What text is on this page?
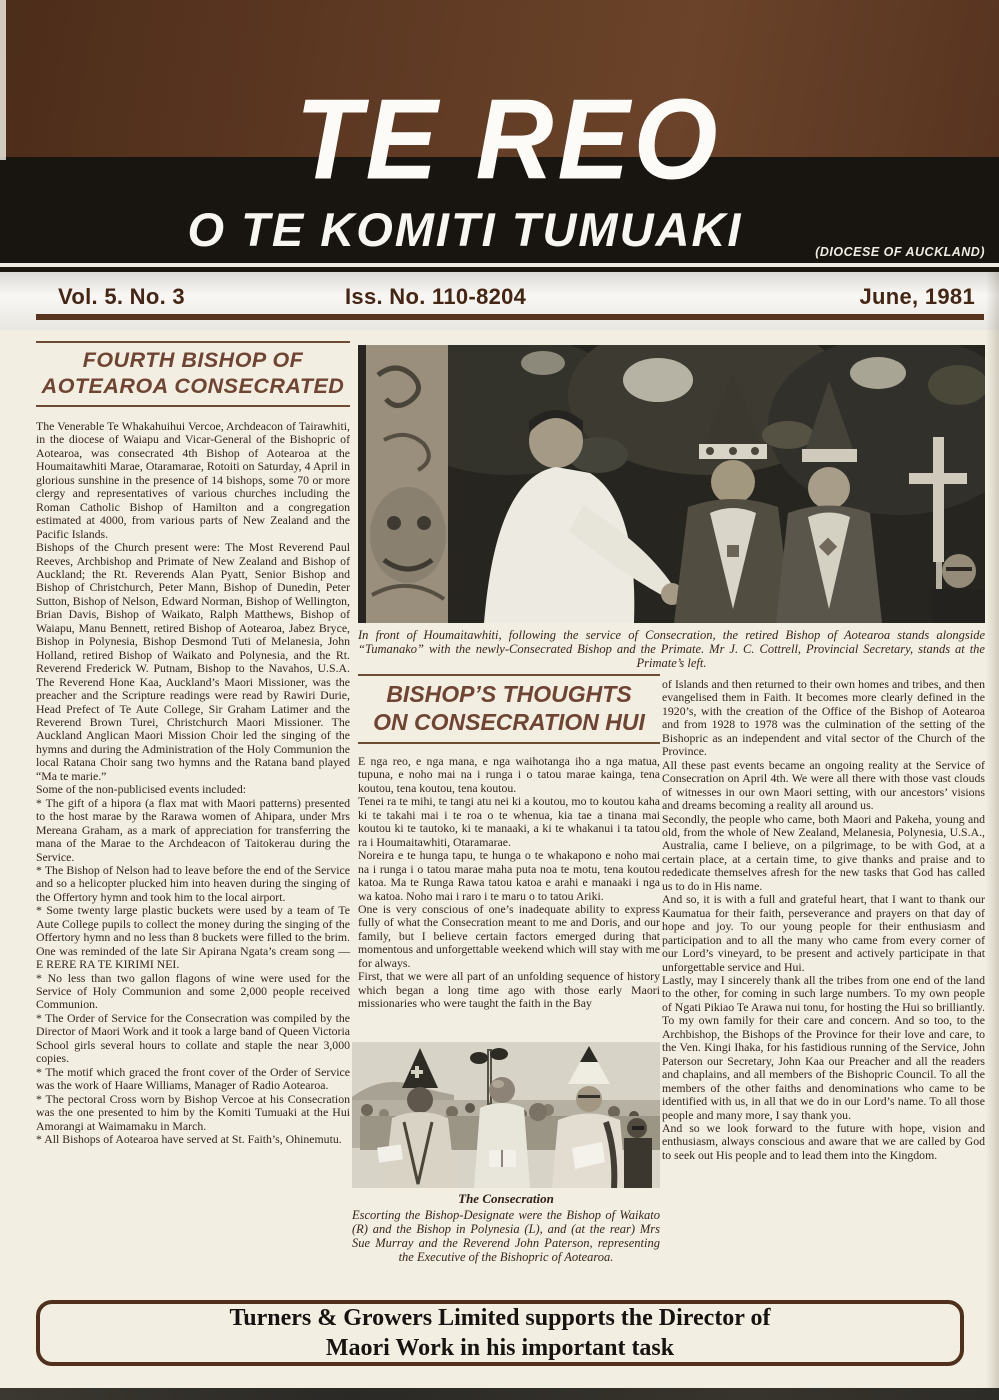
TE REO
O TE KOMITI TUMUAKI	(DIOCESE OF AUCKLAND)
Vol. 5. No. 3	Iss. No. 110-8204	June, 1981
FOURTH BISHOP OF
AOTEAROA CONSECRATED

The Venerable Te Whakahuihui Vercoe, Archdeacon of Tairawhiti, in the diocese of Waiapu and Vicar-General of the Bishopric of Aotearoa, was consecrated 4th Bishop of Aotearoa at the Houmaitawhiti Marae, Otaramarae, Rotoiti on Saturday, 4 April in glorious sunshine in the presence of 14 bishops, some 70 or more clergy and representatives of various churches including the Roman Catholic Bishop of Hamilton and a congregation estimated at 4000, from various parts of New Zealand and the Pacific Islands.

Bishops of the Church present were: The Most Reverend Paul Reeves, Archbishop and Primate of New Zealand and Bishop of Auckland; the Rt. Reverends Alan Pyatt, Senior Bishop and Bishop of Christchurch, Peter Mann, Bishop of Dunedin, Peter Sutton, Bishop of Nelson, Edward Norman, Bishop of Wellington, Brian Davis, Bishop of Waikato, Ralph Matthews, Bishop of Waiapu, Manu Bennett, retired Bishop of Aotearoa, Jabez Bryce, Bishop in Polynesia, Bishop Desmond Tuti of Melanesia, John Holland, retired Bishop of Waikato and Polynesia, and the Rt. Reverend Frederick W. Putnam, Bishop to the Navahos, U.S.A. The Reverend Hone Kaa, Auckland’s Maori Missioner, was the preacher and the Scripture readings were read by Rawiri Durie, Head Prefect of Te Aute College, Sir Graham Latimer and the Reverend Brown Turei, Christchurch Maori Missioner. The Auckland Anglican Maori Mission Choir led the singing of the hymns and during the Administration of the Holy Communion the local Ratana Choir sang two hymns and the Ratana band played “Ma te marie.”

Some of the non-publicised events included:

* The gift of a hipora (a flax mat with Maori patterns) presented to the host marae by the Rarawa women of Ahipara, under Mrs Mereana Graham, as a mark of appreciation for transferring the mana of the Marae to the Archdeacon of Taitokerau during the Service.

* The Bishop of Nelson had to leave before the end of the Service and so a helicopter plucked him into heaven during the singing of the Offertory hymn and took him to the local airport.

* Some twenty large plastic buckets were used by a team of Te Aute College pupils to collect the money during the singing of the Offertory hymn and no less than 8 buckets were filled to the brim. One was reminded of the late Sir Apirana Ngata’s cream song — E RERE RA TE KIRIMI NEI.

* No less than two gallon flagons of wine were used for the Service of Holy Communion and some 2,000 people received Communion.

* The Order of Service for the Consecration was compiled by the Director of Maori Work and it took a large band of Queen Victoria School girls several hours to collate and staple the near 3,000 copies.

* The motif which graced the front cover of the Order of Service was the work of Haare Williams, Manager of Radio Aotearoa.

* The pectoral Cross worn by Bishop Vercoe at his Consecration was the one presented to him by the Komiti Tumuaki at the Hui Amorangi at Waimamaku in March.

* All Bishops of Aotearoa have served at St. Faith’s, Ohinemutu.

In front of Houmaitawhiti, following the service of Consecration, the retired Bishop of Aotearoa stands alongside “Tumanako” with the newly-Consecrated Bishop and the Primate. Mr J. C. Cottrell, Provincial Secretary, stands at the Primate’s left.
BISHOP’S THOUGHTS
ON CONSECRATION HUI

E nga reo, e nga mana, e nga waihotanga iho a nga matua, tupuna, e noho mai na i runga i o tatou marae kainga, tena koutou, tena koutou, tena koutou.

Tenei ra te mihi, te tangi atu nei ki a koutou, mo to koutou kaha ki te takahi mai i te roa o te whenua, kia tae a tinana mai koutou ki te tautoko, ki te manaaki, a ki te whakanui i ta tatou ra i Houmaitawhiti, Otaramarae.

Noreira e te hunga tapu, te hunga o te whakapono e noho mai na i runga i o tatou marae maha puta noa te motu, tena koutou katoa. Ma te Runga Rawa tatou katoa e arahi e manaaki i nga wa katoa. Noho mai i raro i te maru o to tatou Ariki.

One is very conscious of one’s inadequate ability to express fully of what the Consecration meant to me and Doris, and our family, but I believe certain factors emerged during that momentous and unforgettable weekend which will stay with me for always.

First, that we were all part of an unfolding sequence of history which began a long time ago with those early Maori missionaries who were taught the faith in the Bay

The Consecration
Escorting the Bishop-Designate were the Bishop of Waikato (R) and the Bishop in Polynesia (L), and (at the rear) Mrs Sue Murray and the Reverend John Paterson, representing the Executive of the Bishopric of Aotearoa.

of Islands and then returned to their own homes and tribes, and then evangelised them in Faith. It becomes more clearly defined in the 1920’s, with the creation of the Office of the Bishop of Aotearoa and from 1928 to 1978 was the culmination of the setting of the Bishopric as an independent and vital sector of the Church of the Province.

All these past events became an ongoing reality at the Service of Consecration on April 4th. We were all there with those vast clouds of witnesses in our own Maori setting, with our ancestors’ visions and dreams becoming a reality all around us.

Secondly, the people who came, both Maori and Pakeha, young and old, from the whole of New Zealand, Melanesia, Polynesia, U.S.A., Australia, came I believe, on a pilgrimage, to be with God, at a certain place, at a certain time, to give thanks and praise and to rededicate themselves afresh for the new tasks that God has called us to do in His name.

And so, it is with a full and grateful heart, that I want to thank our Kaumatua for their faith, perseverance and prayers on that day of hope and joy. To our young people for their enthusiasm and participation and to all the many who came from every corner of our Lord’s vineyard, to be present and actively participate in that unforgettable service and Hui.

Lastly, may I sincerely thank all the tribes from one end of the land to the other, for coming in such large numbers. To my own people of Ngati Pikiao Te Arawa nui tonu, for hosting the Hui so brilliantly. To my own family for their care and concern. And so too, to the Archbishop, the Bishops of the Province for their love and care, to the Ven. Kingi Ihaka, for his fastidious running of the Service, John Paterson our Secretary, John Kaa our Preacher and all the readers and chaplains, and all members of the Bishopric Council. To all the members of the other faiths and denominations who came to be identified with us, in all that we do in our Lord’s name. To all those people and many more, I say thank you.

And so we look forward to the future with hope, vision and enthusiasm, always conscious and aware that we are called by God to seek out His people and to lead them into the Kingdom.

Turners & Growers Limited supports the Director of
Maori Work in his important task
